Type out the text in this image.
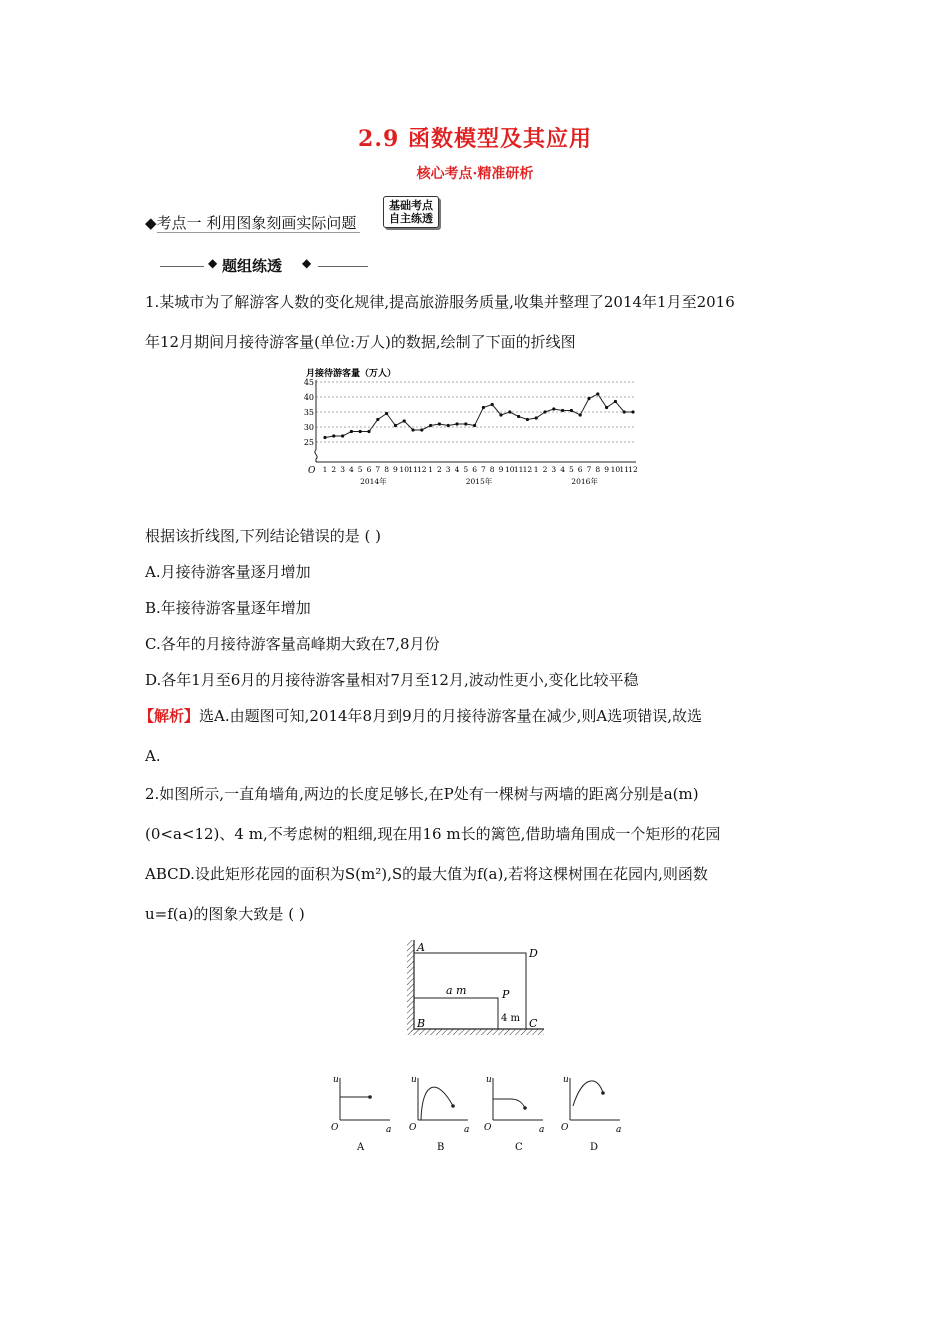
2.9 函数模型及其应用
核心考点·精准研析
◆考点一 利用图象刻画实际问题
基础考点
自主练透
◆ 题组练透 ◆
1.某城市为了解游客人数的变化规律,提高旅游服务质量,收集并整理了2014年1月至2016
年12月期间月接待游客量(单位:万人)的数据,绘制了下面的折线图
月接待游客量（万人）
25
30
35
40
45
1 2 3 4 5 6 7 8 9 10 11 12 1 2 3 4 5 6 7 8 9 10 11 12 1 2 3 4 5 6 7 8 9 10 11 12
2014年	2015年	2016年
O
根据该折线图,下列结论错误的是 ( )
A.月接待游客量逐月增加
B.年接待游客量逐年增加
C.各年的月接待游客量高峰期大致在7,8月份
D.各年1月至6月的月接待游客量相对7月至12月,波动性更小,变化比较平稳
【解析】选A.由题图可知,2014年8月到9月的月接待游客量在减少,则A选项错误,故选
A.
2.如图所示,一直角墙角,两边的长度足够长,在P处有一棵树与两墙的距离分别是a(m)
(0<a<12)、4 m,不考虑树的粗细,现在用16 m长的篱笆,借助墙角围成一个矩形的花园
ABCD.设此矩形花园的面积为S(m²),S的最大值为f(a),若将这棵树围在花园内,则函数
u=f(a)的图象大致是 ( )
A	D
B	C
P
a m
4 m
u
a
O
A
u
a
O
B
u
a
O
C
u
a
O
D
